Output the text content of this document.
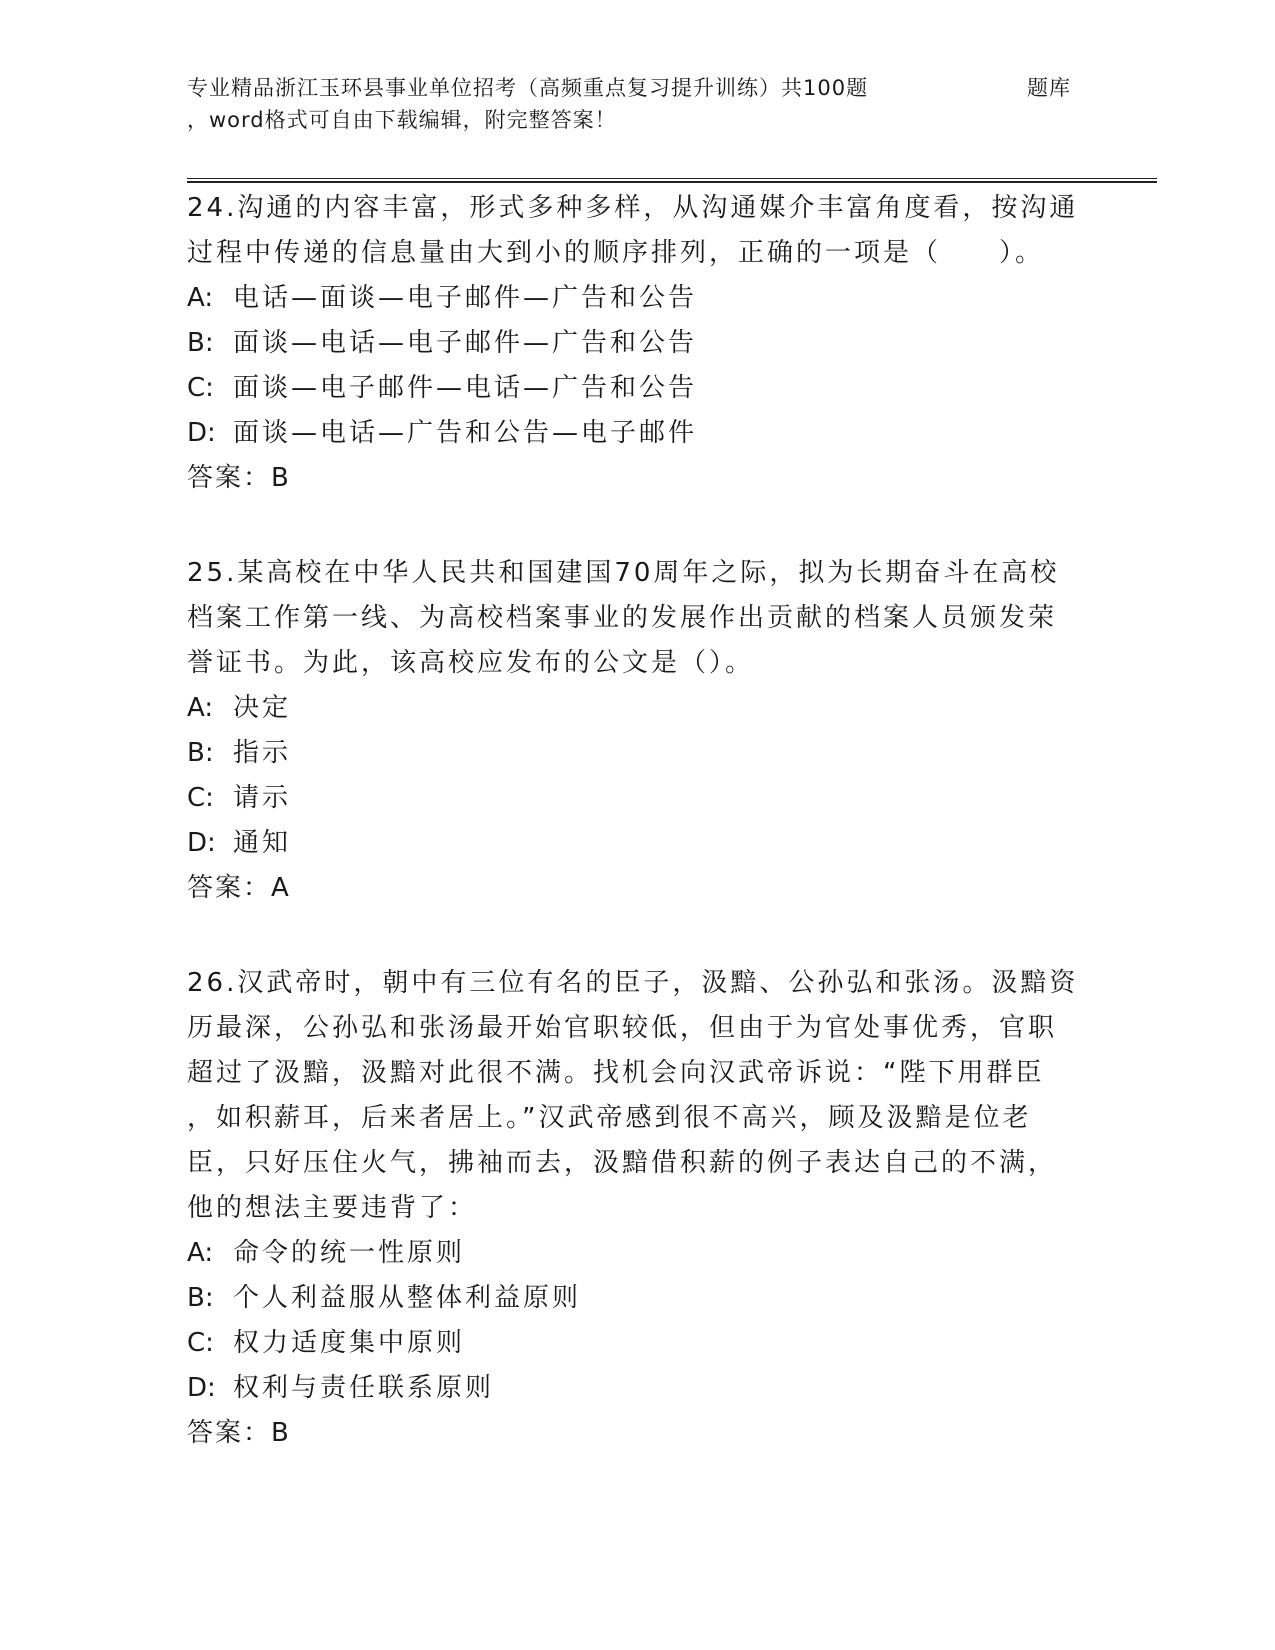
专业精品浙江玉环县事业单位招考（高频重点复习提升训练）共100题	题库
，word格式可自由下载编辑，附完整答案！

24.沟通的内容丰富，形式多种多样，从沟通媒介丰富角度看，按沟通

过程中传递的信息量由大到小的顺序排列，正确的一项是（　　）。

A: 电话—面谈—电子邮件—广告和公告

B: 面谈—电话—电子邮件—广告和公告

C: 面谈—电子邮件—电话—广告和公告

D: 面谈—电话—广告和公告—电子邮件

答案：B

25.某高校在中华人民共和国建国70周年之际，拟为长期奋斗在高校

档案工作第一线、为高校档案事业的发展作出贡献的档案人员颁发荣

誉证书。为此，该高校应发布的公文是（）。

A: 决定

B: 指示

C: 请示

D: 通知

答案：A

26.汉武帝时，朝中有三位有名的臣子，汲黯、公孙弘和张汤。汲黯资

历最深，公孙弘和张汤最开始官职较低，但由于为官处事优秀，官职

超过了汲黯，汲黯对此很不满。找机会向汉武帝诉说：“陛下用群臣

，如积薪耳，后来者居上。”汉武帝感到很不高兴，顾及汲黯是位老

臣，只好压住火气，拂袖而去，汲黯借积薪的例子表达自己的不满，

他的想法主要违背了：

A: 命令的统一性原则

B: 个人利益服从整体利益原则

C: 权力适度集中原则

D: 权利与责任联系原则

答案：B
